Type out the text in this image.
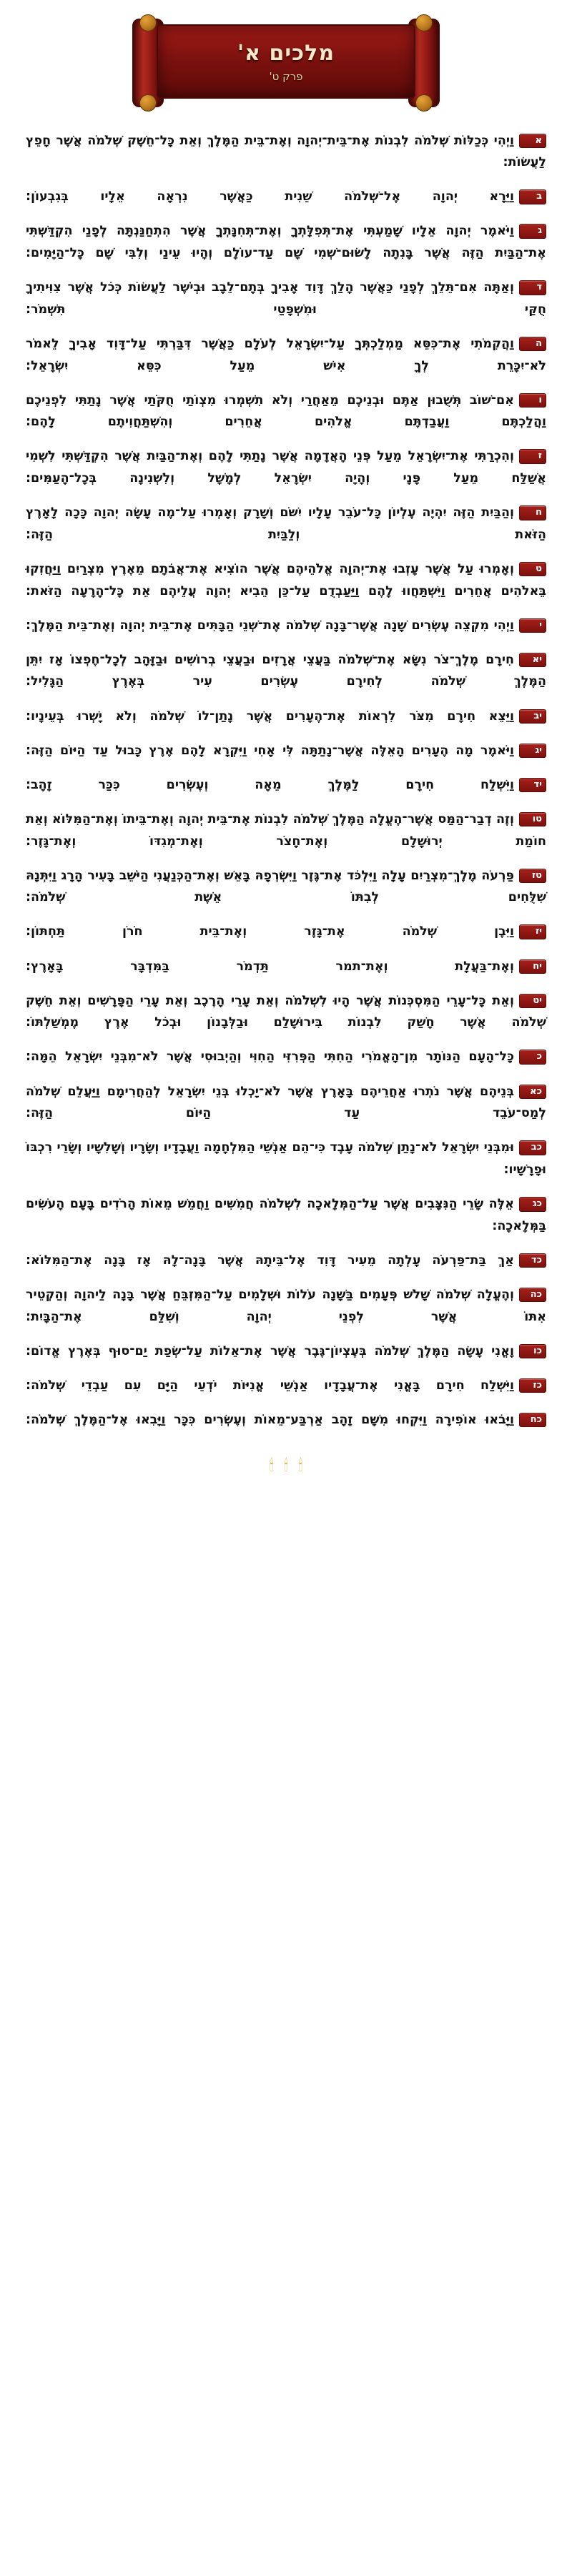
מלכים א'
פרק ט'

אוַיְהִי כְּכַלּוֹת שְׁלֹמֹה לִבְנוֹת אֶת־בֵּית־יְהוָה וְאֶת־בֵּית הַמֶּלֶךְ וְאֵת כָּל־חֵשֶׁק שְׁלֹמֹה אֲשֶׁר חָפֵץ לַעֲשׂוֹת:

בוַיֵּרָא יְהוָה אֶל־שְׁלֹמֹה שֵׁנִית כַּאֲשֶׁר נִרְאָה אֵלָיו בְּגִבְעוֹן:

גוַיֹּאמֶר יְהוָה אֵלָיו שָׁמַעְתִּי אֶת־תְּפִלָּתְךָ וְאֶת־תְּחִנָּתְךָ אֲשֶׁר הִתְחַנַּנְתָּה לְפָנַי הִקְדַּשְׁתִּי אֶת־הַבַּיִת הַזֶּה אֲשֶׁר בָּנִתָה לָשׂוּם־שְׁמִי שָׁם עַד־עוֹלָם וְהָיוּ עֵינַי וְלִבִּי שָׁם כָּל־הַיָּמִים:

דוְאַתָּה אִם־תֵּלֵךְ לְפָנַי כַּאֲשֶׁר הָלַךְ דָּוִד אָבִיךָ בְּתָם־לֵבָב וּבְיֹשֶׁר לַעֲשׂוֹת כְּכֹל אֲשֶׁר צִוִּיתִיךָ חֻקַּי וּמִשְׁפָּטַי תִּשְׁמֹר:

הוַהֲקִמֹתִי אֶת־כִּסֵּא מַמְלַכְתְּךָ עַל־יִשְׂרָאֵל לְעֹלָם כַּאֲשֶׁר דִּבַּרְתִּי עַל־דָּוִד אָבִיךָ לֵאמֹר לֹא־יִכָּרֵת לְךָ אִישׁ מֵעַל כִּסֵּא יִשְׂרָאֵל:

ואִם־שׁוֹב תְּשֻׁבוּן אַתֶּם וּבְנֵיכֶם מֵאַחֲרַי וְלֹא תִשְׁמְרוּ מִצְוֹתַי חֻקֹּתַי אֲשֶׁר נָתַתִּי לִפְנֵיכֶם וַהֲלַכְתֶּם וַעֲבַדְתֶּם אֱלֹהִים אֲחֵרִים וְהִשְׁתַּחֲוִיתֶם לָהֶם:

זוְהִכְרַתִּי אֶת־יִשְׂרָאֵל מֵעַל פְּנֵי הָאֲדָמָה אֲשֶׁר נָתַתִּי לָהֶם וְאֶת־הַבַּיִת אֲשֶׁר הִקְדַּשְׁתִּי לִשְׁמִי אֲשַׁלַּח מֵעַל פָּנָי וְהָיָה יִשְׂרָאֵל לְמָשָׁל וְלִשְׁנִינָה בְּכָל־הָעַמִּים:

חוְהַבַּיִת הַזֶּה יִהְיֶה עֶלְיוֹן כָּל־עֹבֵר עָלָיו יִשֹּׁם וְשָׁרָק וְאָמְרוּ עַל־מֶה עָשָׂה יְהוָה כָּכָה לָאָרֶץ הַזֹּאת וְלַבַּיִת הַזֶּה:

טוְאָמְרוּ עַל אֲשֶׁר עָזְבוּ אֶת־יְהוָה אֱלֹהֵיהֶם אֲשֶׁר הוֹצִיא אֶת־אֲבֹתָם מֵאֶרֶץ מִצְרַיִם וַיַּחֲזִקוּ בֵּאלֹהִים אֲחֵרִים וַיִּשְׁתַּחֲווּ לָהֶם וַיַּעַבְדֻם עַל־כֵּן הֵבִיא יְהוָה עֲלֵיהֶם אֵת כָּל־הָרָעָה הַזֹּאת:

יוַיְהִי מִקְצֵה עֶשְׂרִים שָׁנָה אֲשֶׁר־בָּנָה שְׁלֹמֹה אֶת־שְׁנֵי הַבָּתִּים אֶת־בֵּית יְהוָה וְאֶת־בֵּית הַמֶּלֶךְ:

יאחִירָם מֶלֶךְ־צֹר נִשָּׂא אֶת־שְׁלֹמֹה בַּעֲצֵי אֲרָזִים וּבַעֲצֵי בְרוֹשִׁים וּבַזָּהָב לְכָל־חֶפְצוֹ אָז יִתֵּן הַמֶּלֶךְ שְׁלֹמֹה לְחִירָם עֶשְׂרִים עִיר בְּאֶרֶץ הַגָּלִיל:

יבוַיֵּצֵא חִירָם מִצֹּר לִרְאוֹת אֶת־הֶעָרִים אֲשֶׁר נָתַן־לוֹ שְׁלֹמֹה וְלֹא יָשְׁרוּ בְּעֵינָיו:

יגוַיֹּאמֶר מָה הֶעָרִים הָאֵלֶּה אֲשֶׁר־נָתַתָּה לִּי אָחִי וַיִּקְרָא לָהֶם אֶרֶץ כָּבוּל עַד הַיּוֹם הַזֶּה:

ידוַיִּשְׁלַח חִירָם לַמֶּלֶךְ מֵאָה וְעֶשְׂרִים כִּכַּר זָהָב:

טווְזֶה דְבַר־הַמַּס אֲשֶׁר־הֶעֱלָה הַמֶּלֶךְ שְׁלֹמֹה לִבְנוֹת אֶת־בֵּית יְהוָה וְאֶת־בֵּיתוֹ וְאֶת־הַמִּלּוֹא וְאֵת חוֹמַת יְרוּשָׁלִָם וְאֶת־חָצֹר וְאֶת־מְגִדּוֹ וְאֶת־גָּזֶר:

טזפַּרְעֹה מֶלֶךְ־מִצְרַיִם עָלָה וַיִּלְכֹּד אֶת־גֶּזֶר וַיִּשְׂרְפָהּ בָּאֵשׁ וְאֶת־הַכְּנַעֲנִי הַיֹּשֵׁב בָּעִיר הָרָג וַיִּתְּנָהּ שִׁלֻּחִים לְבִתּוֹ אֵשֶׁת שְׁלֹמֹה:

יזוַיִּבֶן שְׁלֹמֹה אֶת־גָּזֶר וְאֶת־בֵּית חֹרֹן תַּחְתּוֹן:

יחוְאֶת־בַּעֲלָת וְאֶת־תמר תַּדְמֹר בַּמִּדְבָּר בָּאָרֶץ:

יטוְאֵת כָּל־עָרֵי הַמִּסְכְּנוֹת אֲשֶׁר הָיוּ לִשְׁלֹמֹה וְאֵת עָרֵי הָרֶכֶב וְאֵת עָרֵי הַפָּרָשִׁים וְאֵת חֵשֶׁק שְׁלֹמֹה אֲשֶׁר חָשַׁק לִבְנוֹת בִּירוּשָׁלִַם וּבַלְּבָנוֹן וּבְכֹל אֶרֶץ מֶמְשַׁלְתּוֹ:

ככָּל־הָעָם הַנּוֹתָר מִן־הָאֱמֹרִי הַחִתִּי הַפְּרִזִּי הַחִוִּי וְהַיְבוּסִי אֲשֶׁר לֹא־מִבְּנֵי יִשְׂרָאֵל הֵמָּה:

כאבְּנֵיהֶם אֲשֶׁר נֹתְרוּ אַחֲרֵיהֶם בָּאָרֶץ אֲשֶׁר לֹא־יָכְלוּ בְּנֵי יִשְׂרָאֵל לְהַחֲרִימָם וַיַּעֲלֵם שְׁלֹמֹה לְמַס־עֹבֵד עַד הַיּוֹם הַזֶּה:

כבוּמִבְּנֵי יִשְׂרָאֵל לֹא־נָתַן שְׁלֹמֹה עָבֶד כִּי־הֵם אַנְשֵׁי הַמִּלְחָמָה וַעֲבָדָיו וְשָׂרָיו וְשָׁלִשָׁיו וְשָׂרֵי רִכְבּוֹ וּפָרָשָׁיו:

כגאֵלֶּה שָׂרֵי הַנִּצָּבִים אֲשֶׁר עַל־הַמְּלָאכָה לִשְׁלֹמֹה חֲמִשִּׁים וַחֲמֵשׁ מֵאוֹת הָרֹדִים בָּעָם הָעֹשִׂים בַּמְּלָאכָה:

כדאַךְ בַּת־פַּרְעֹה עָלְתָה מֵעִיר דָּוִד אֶל־בֵּיתָהּ אֲשֶׁר בָּנָה־לָהּ אָז בָּנָה אֶת־הַמִּלּוֹא:

כהוְהֶעֱלָה שְׁלֹמֹה שָׁלֹשׁ פְּעָמִים בַּשָּׁנָה עֹלוֹת וּשְׁלָמִים עַל־הַמִּזְבֵּחַ אֲשֶׁר בָּנָה לַיהוָה וְהַקְטֵיר אִתּוֹ אֲשֶׁר לִפְנֵי יְהוָה וְשִׁלַּם אֶת־הַבָּיִת:

כווָאֳנִי עָשָׂה הַמֶּלֶךְ שְׁלֹמֹה בְּעֶצְיוֹן־גֶּבֶר אֲשֶׁר אֶת־אֵלוֹת עַל־שְׂפַת יַם־סוּף בְּאֶרֶץ אֱדוֹם:

כזוַיִּשְׁלַח חִירָם בָּאֳנִי אֶת־עֲבָדָיו אַנְשֵׁי אֳנִיּוֹת יֹדְעֵי הַיָּם עִם עַבְדֵי שְׁלֹמֹה:

כחוַיָּבֹאוּ אוֹפִירָה וַיִּקְחוּ מִשָּׁם זָהָב אַרְבַּע־מֵאוֹת וְעֶשְׂרִים כִּכָּר וַיָּבִאוּ אֶל־הַמֶּלֶךְ שְׁלֹמֹה:

🕯
🕯
🕯
